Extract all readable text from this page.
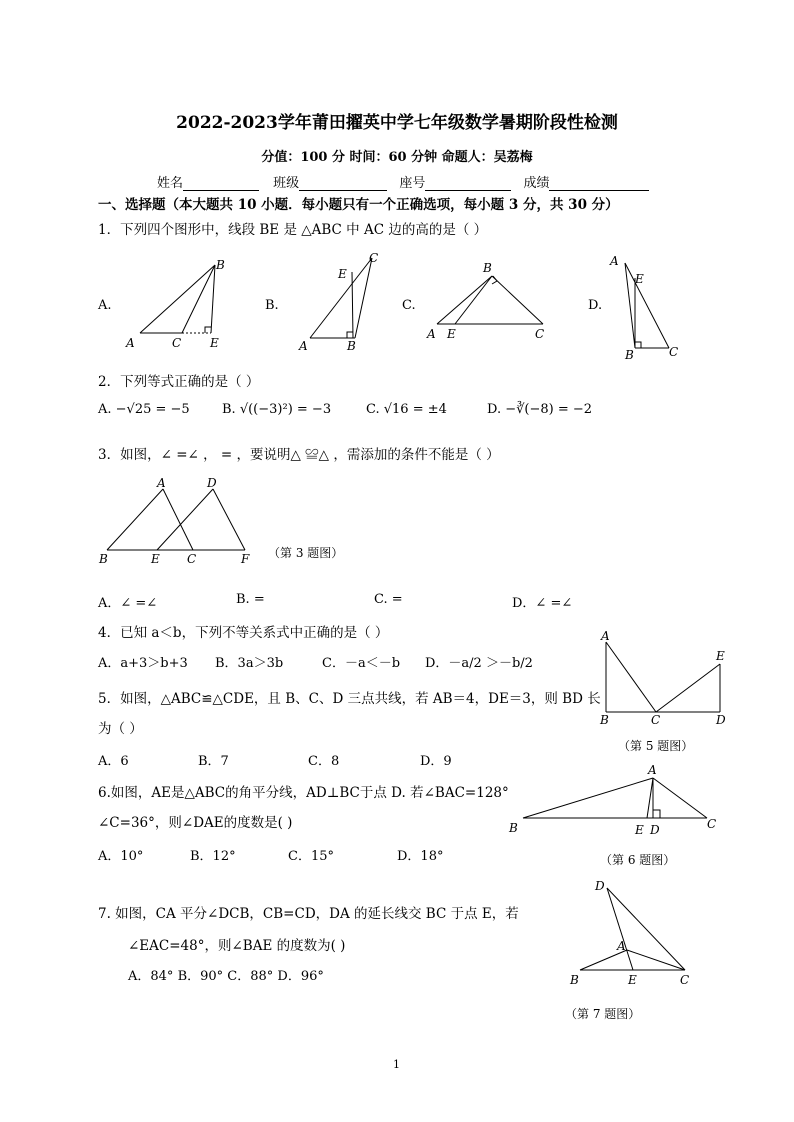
2022-2023学年莆田擢英中学七年级数学暑期阶段性检测
分值：100 分 时间：60 分钟 命题人：吴荔梅
姓名	班级	座号	成绩
一、选择题（本大题共 10 小题．每小题只有一个正确选项，每小题 3 分，共 30 分）
1．下列四个图形中，线段 BE 是 △ABC 中 AC 边的高的是（ ）
A.
B
A	C E
B.
C
E
A	B
C.
B
A E	C
D.
A
E
B	C
2．下列等式正确的是（ ）
A. −√25 = −5 B. √((−3)²) = −3	C. √16 = ±4	D. −∛(−8) = −2
3．如图，∠ =∠ ， = ，要说明△ ≌△ ，需添加的条件不能是（ ）
A	D
B	E C	F （第 3 题图）
A．∠ =∠	B. =	C. =	D．∠ =∠
4．已知 a＜b，下列不等关系式中正确的是（ ）
A．a+3＞b+3 B．3a＞3b	C．－a＜－b D．－a/2 ＞－b/2
A
E
B	C	D
（第 5 题图）
5．如图，△ABC≌△CDE，且 B、C、D 三点共线，若 AB＝4，DE＝3，则 BD 长
为（ ）
A．6	B．7	C．8	D．9
6.如图，AE是△ABC的角平分线，AD⊥BC于点 D. 若∠BAC=128°
∠C=36°，则∠DAE的度数是( )
A．10°	B．12°	C．15°	D．18°
A
B	E D	C
（第 6 题图）
7. 如图，CA 平分∠DCB，CB=CD，DA 的延长线交 BC 于点 E，若
∠EAC=48°，则∠BAE 的度数为( )
A．84° B．90° C．88° D．96°
D
A
B	E	C
（第 7 题图）
1
